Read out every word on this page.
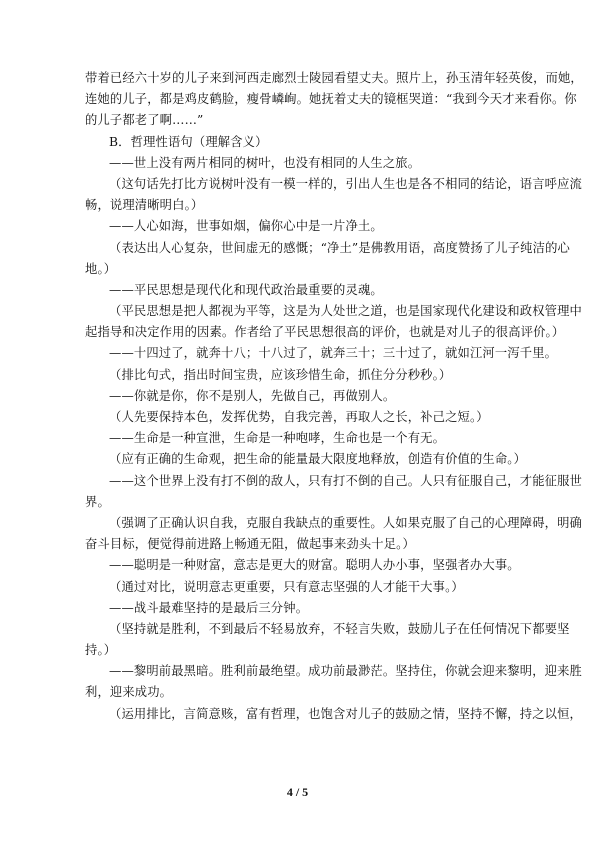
带着已经六十岁的儿子来到河西走廊烈士陵园看望丈夫。照片上，孙玉清年轻英俊，而她，
连她的儿子，都是鸡皮鹤脸，瘦骨嶙峋。她抚着丈夫的镜框哭道：“我到今天才来看你。你
的儿子都老了啊……”
B．哲理性语句（理解含义）
——世上没有两片相同的树叶，也没有相同的人生之旅。
（这句话先打比方说树叶没有一模一样的，引出人生也是各不相同的结论，语言呼应流
畅，说理清晰明白。）
——人心如海，世事如烟，偏你心中是一片净土。
（表达出人心复杂，世间虚无的感慨；“净土”是佛教用语，高度赞扬了儿子纯洁的心
地。）
——平民思想是现代化和现代政治最重要的灵魂。
（平民思想是把人都视为平等，这是为人处世之道，也是国家现代化建设和政权管理中
起指导和决定作用的因素。作者给了平民思想很高的评价，也就是对儿子的很高评价。）
——十四过了，就奔十八；十八过了，就奔三十；三十过了，就如江河一泻千里。
（排比句式，指出时间宝贵，应该珍惜生命，抓住分分秒秒。）
——你就是你，你不是别人，先做自己，再做别人。
（人先要保持本色，发挥优势，自我完善，再取人之长，补己之短。）
——生命是一种宣泄，生命是一种咆哮，生命也是一个有无。
（应有正确的生命观，把生命的能量最大限度地释放，创造有价值的生命。）
——这个世界上没有打不倒的敌人，只有打不倒的自己。人只有征服自己，才能征服世
界。
（强调了正确认识自我，克服自我缺点的重要性。人如果克服了自己的心理障碍，明确
奋斗目标，便觉得前进路上畅通无阻，做起事来劲头十足。）
——聪明是一种财富，意志是更大的财富。聪明人办小事，坚强者办大事。
（通过对比，说明意志更重要，只有意志坚强的人才能干大事。）
——战斗最难坚持的是最后三分钟。
（坚持就是胜利，不到最后不轻易放弃，不轻言失败，鼓励儿子在任何情况下都要坚
持。）
——黎明前最黑暗。胜利前最绝望。成功前最渺茫。坚持住，你就会迎来黎明，迎来胜
利，迎来成功。
（运用排比，言简意赅，富有哲理，也饱含对儿子的鼓励之情，坚持不懈，持之以恒，
4 / 5
